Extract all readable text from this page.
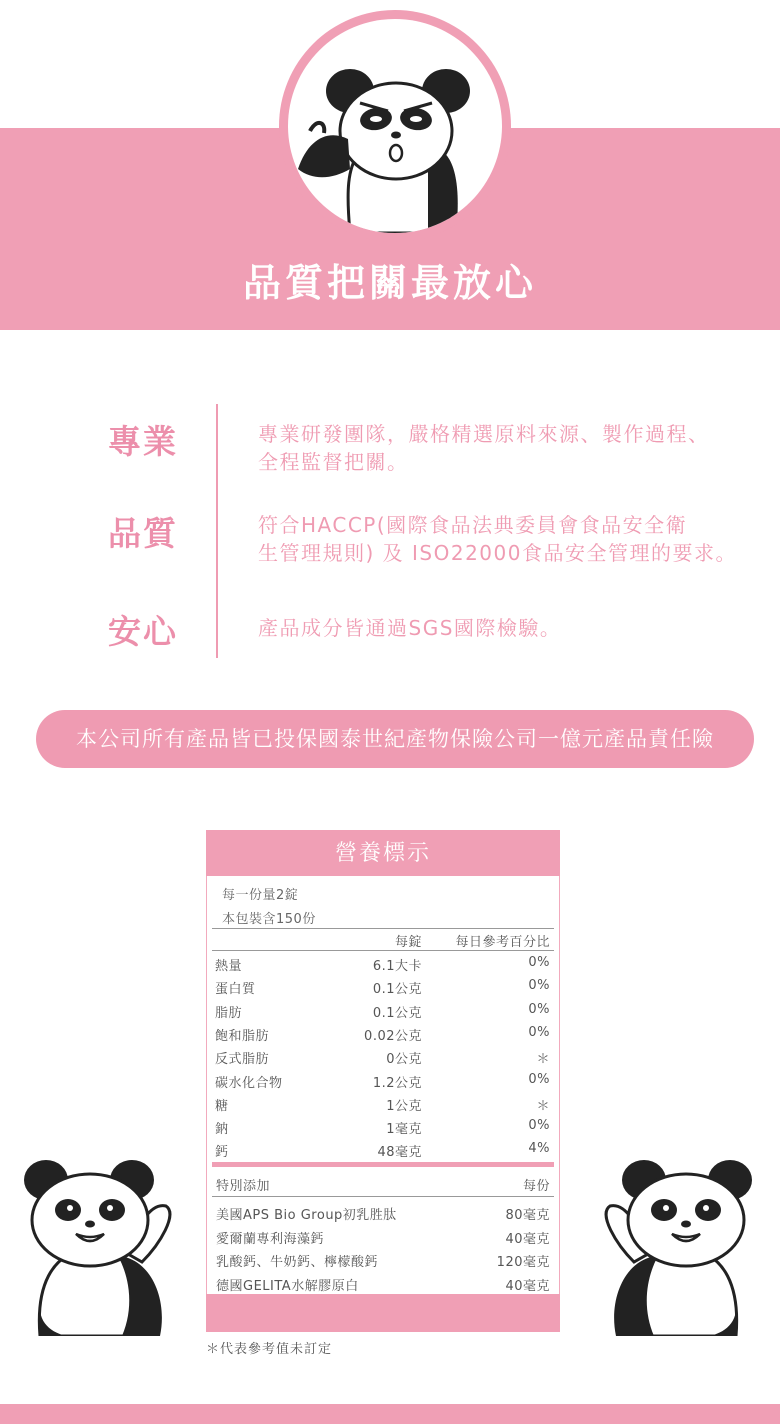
品質把關最放心
專業	專業研發團隊，嚴格精選原料來源、製作過程、
全程監督把關。
品質	符合HACCP(國際食品法典委員會食品安全衛
生管理規則) 及 ISO22000食品安全管理的要求。
安心	產品成分皆通過SGS國際檢驗。
本公司所有產品皆已投保國泰世紀產物保險公司一億元產品責任險
營養標示
每一份量2錠
本包裝含150份
每錠	每日參考百分比
熱量	6.1大卡	0%
蛋白質	0.1公克	0%
脂肪	0.1公克	0%
飽和脂肪	0.02公克	0%
反式脂肪	0公克	＊
碳水化合物	1.2公克	0%
糖	1公克	＊
鈉	1毫克	0%
鈣	48毫克	4%
特別添加	每份
美國APS Bio Group初乳胜肽	80毫克
愛爾蘭專利海藻鈣	40毫克
乳酸鈣、牛奶鈣、檸檬酸鈣	120毫克
德國GELITA水解膠原白	40毫克
＊代表參考值未訂定
